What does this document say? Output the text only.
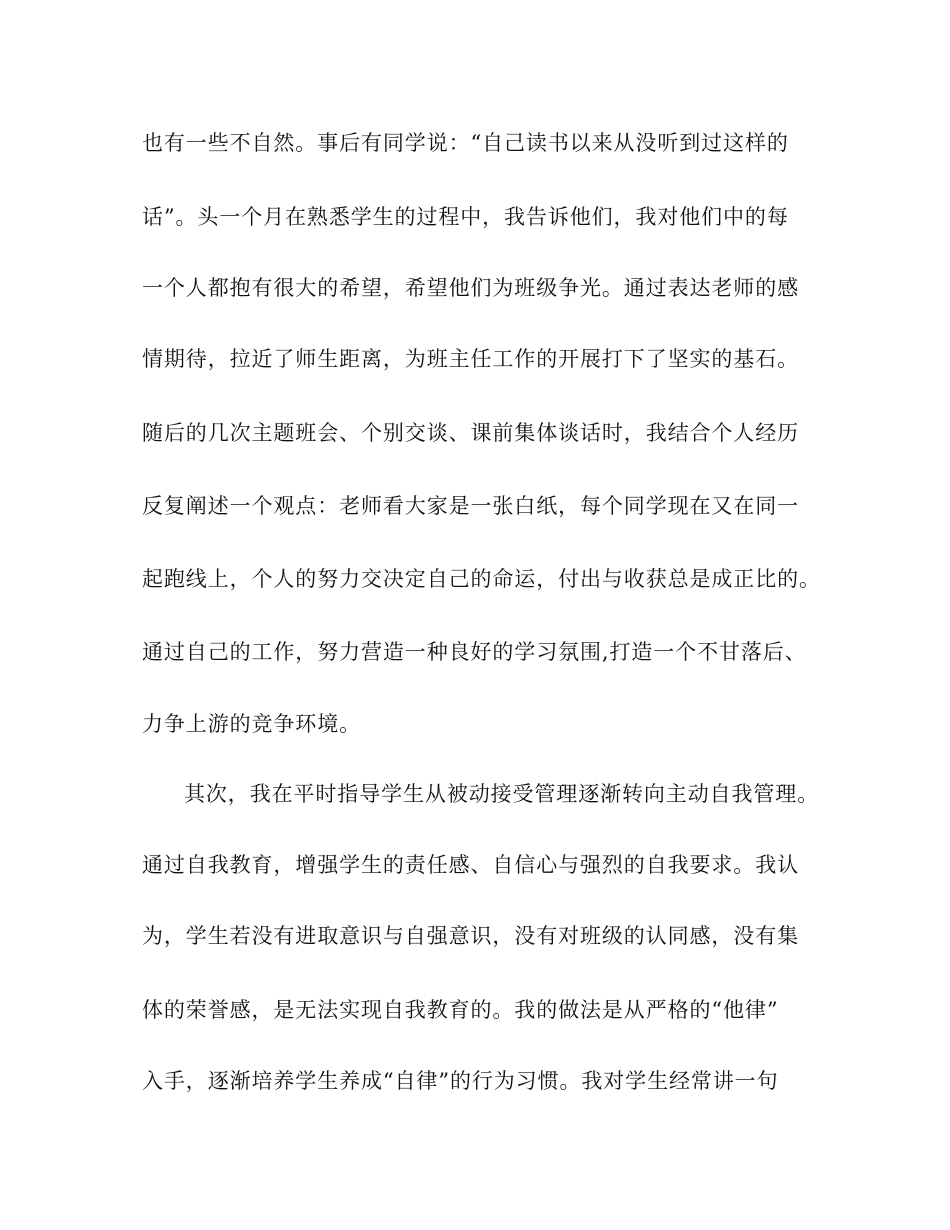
也有一些不自然。事后有同学说：“自己读书以来从没听到过这样的
话”。头一个月在熟悉学生的过程中，我告诉他们，我对他们中的每
一个人都抱有很大的希望，希望他们为班级争光。通过表达老师的感
情期待，拉近了师生距离，为班主任工作的开展打下了坚实的基石。
随后的几次主题班会、个别交谈、课前集体谈话时，我结合个人经历
反复阐述一个观点：老师看大家是一张白纸，每个同学现在又在同一
起跑线上，个人的努力交决定自己的命运，付出与收获总是成正比的。
通过自己的工作，努力营造一种良好的学习氛围,打造一个不甘落后、
力争上游的竞争环境。
其次，我在平时指导学生从被动接受管理逐渐转向主动自我管理。
通过自我教育，增强学生的责任感、自信心与强烈的自我要求。我认
为，学生若没有进取意识与自强意识，没有对班级的认同感，没有集
体的荣誉感，是无法实现自我教育的。我的做法是从严格的“他律”
入手，逐渐培养学生养成“自律”的行为习惯。我对学生经常讲一句
